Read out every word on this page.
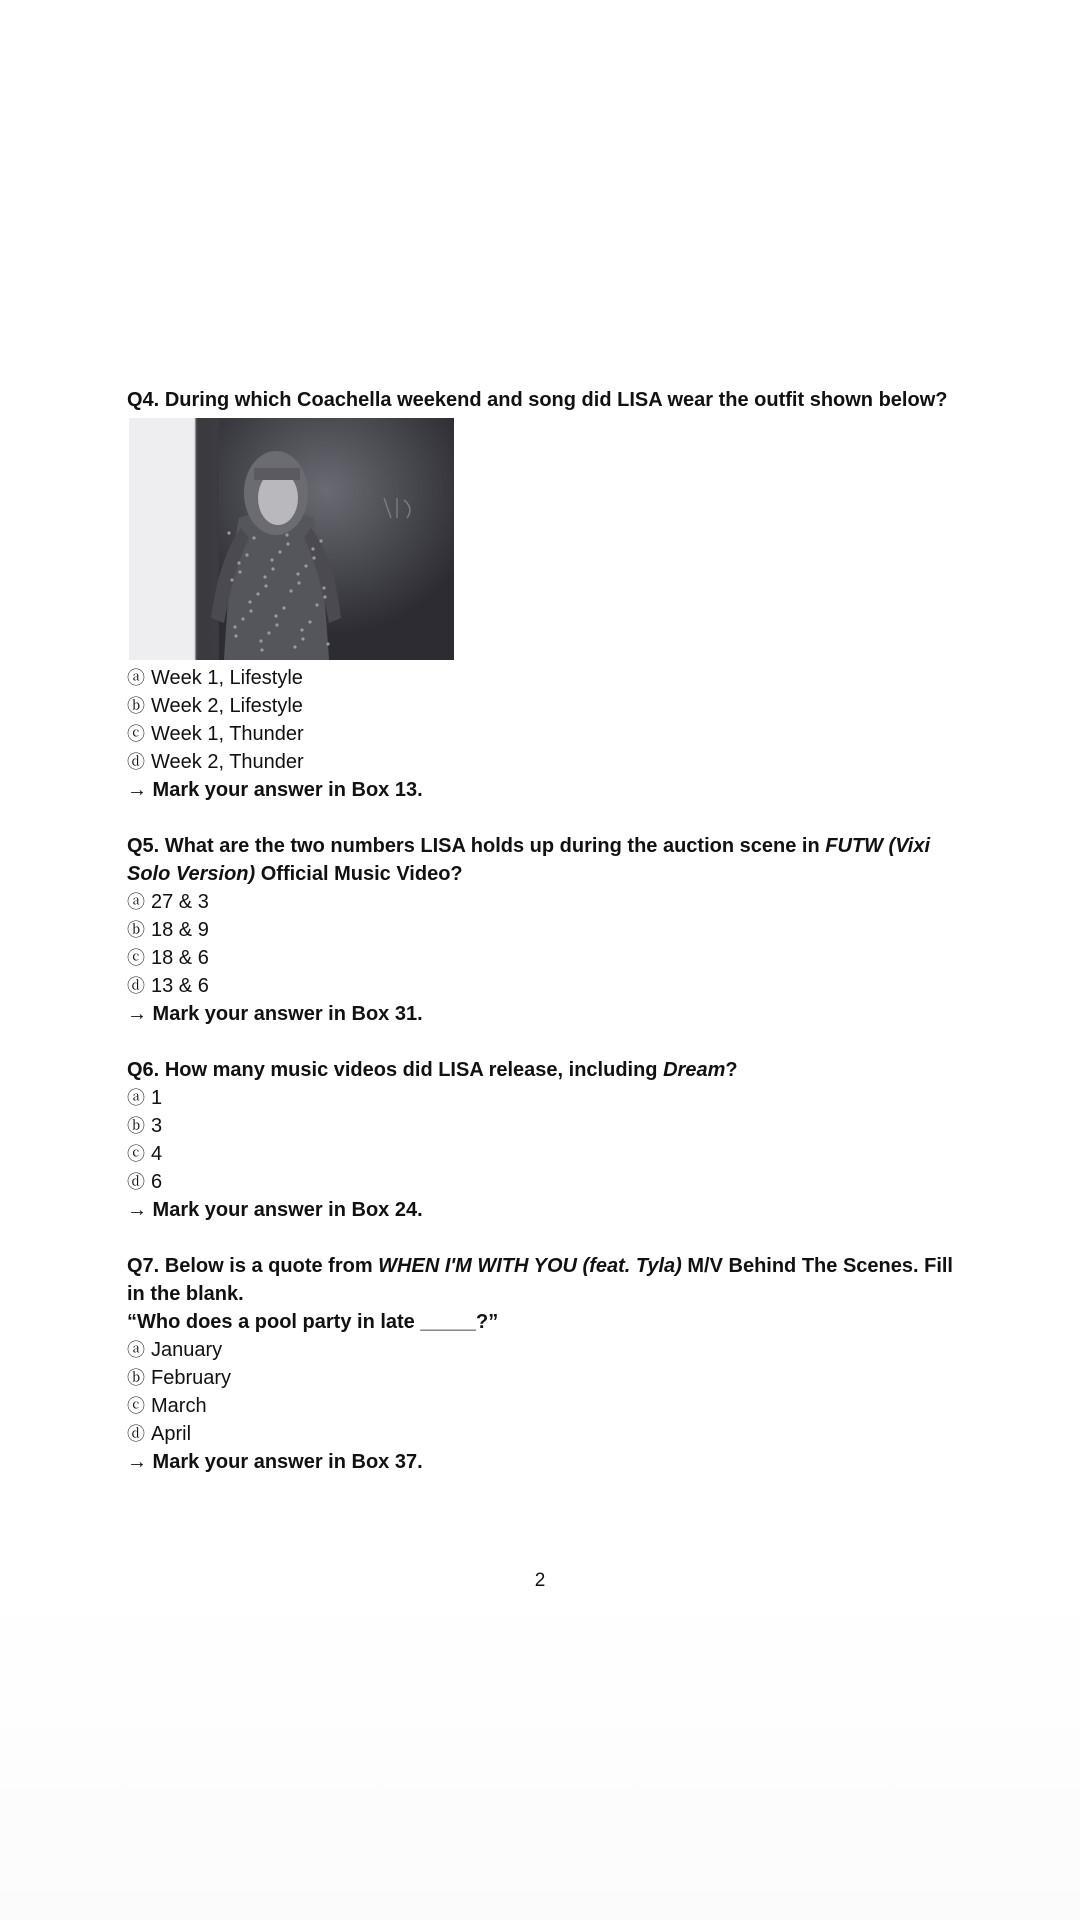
Q4. During which Coachella weekend and song did LISA wear the outfit shown below?
ⓐ Week 1, Lifestyle
ⓑ Week 2, Lifestyle
ⓒ Week 1, Thunder
ⓓ Week 2, Thunder
→ Mark your answer in Box 13.
Q5. What are the two numbers LISA holds up during the auction scene in FUTW (Vixi Solo Version) Official Music Video?
ⓐ 27 & 3
ⓑ 18 & 9
ⓒ 18 & 6
ⓓ 13 & 6
→ Mark your answer in Box 31.
Q6. How many music videos did LISA release, including Dream?
ⓐ 1
ⓑ 3
ⓒ 4
ⓓ 6
→ Mark your answer in Box 24.
Q7. Below is a quote from WHEN I'M WITH YOU (feat. Tyla) M/V Behind The Scenes. Fill in the blank.
“Who does a pool party in late _____?”
ⓐ January
ⓑ February
ⓒ March
ⓓ April
→ Mark your answer in Box 37.
2
